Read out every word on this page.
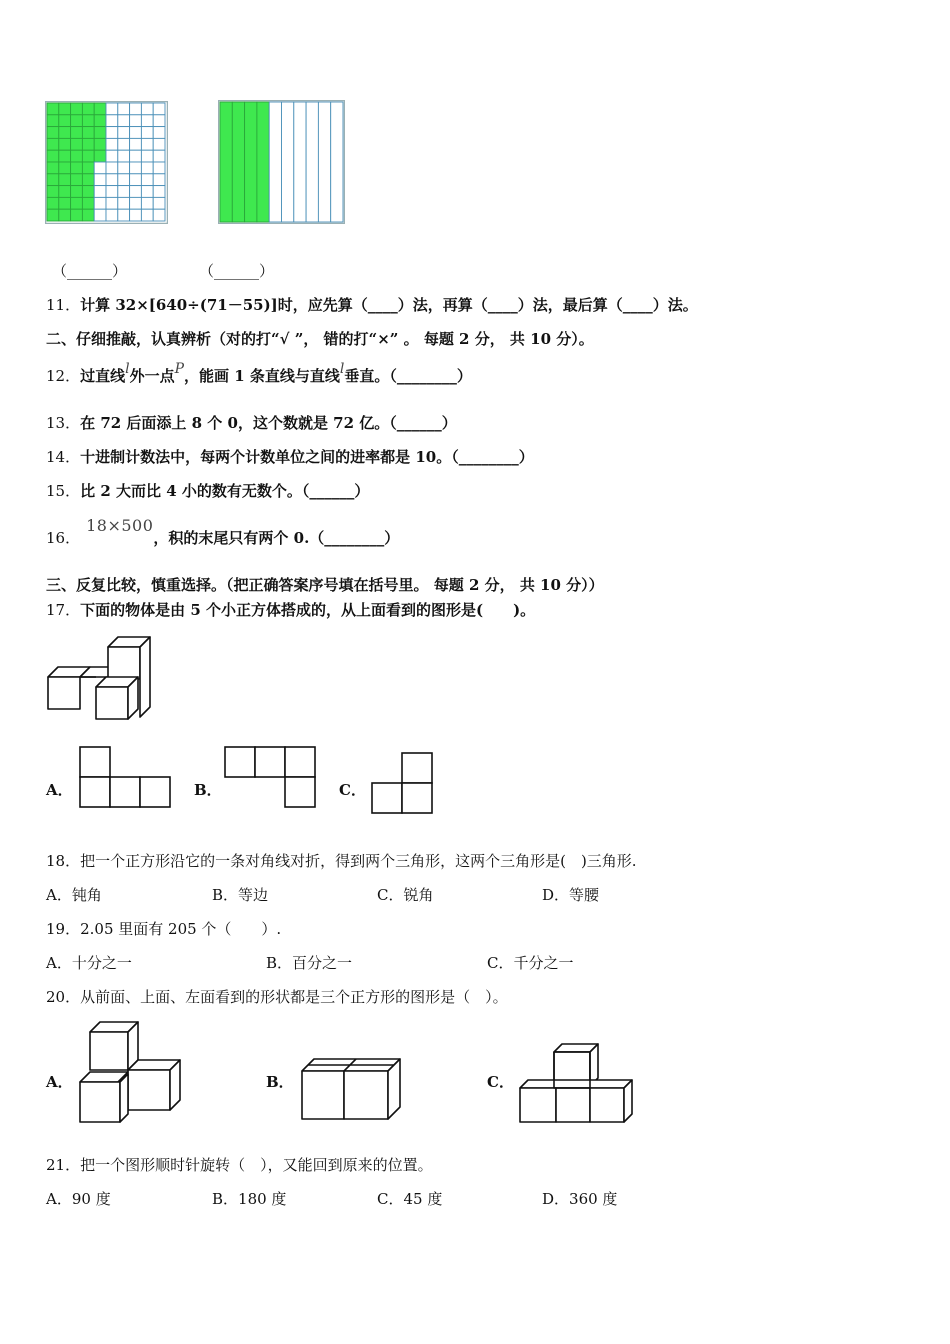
（______）	（______）
11．计算 32×[640÷(71－55)]时，应先算（____）法，再算（____）法，最后算（____）法。
二、仔细推敲，认真辨析（对的打“√ ”， 错的打“×” 。 每题 2 分， 共 10 分）。
12．过直线l外一点P，能画 1 条直线与直线l垂直。（________）
13．在 72 后面添上 8 个 0，这个数就是 72 亿。（______）
14．十进制计数法中，每两个计数单位之间的进率都是 10。（________）
15．比 2 大而比 4 小的数有无数个。（______）
16．18×500，积的末尾只有两个 0.（________）
三、反复比较，慎重选择。（把正确答案序号填在括号里。 每题 2 分， 共 10 分））
17．下面的物体是由 5 个小正方体搭成的，从上面看到的图形是(　　)。
A．	B．	C．
18．把一个正方形沿它的一条对角线对折，得到两个三角形，这两个三角形是(　)三角形.
A．钝角	B．等边	C．锐角	D．等腰
19．2.05 里面有 205 个（　　）.
A．十分之一	B．百分之一	C．千分之一
20．从前面、上面、左面看到的形状都是三个正方形的图形是（　）。
A．	B．	C．
21．把一个图形顺时针旋转（　），又能回到原来的位置。
A．90 度	B．180 度	C．45 度	D．360 度
